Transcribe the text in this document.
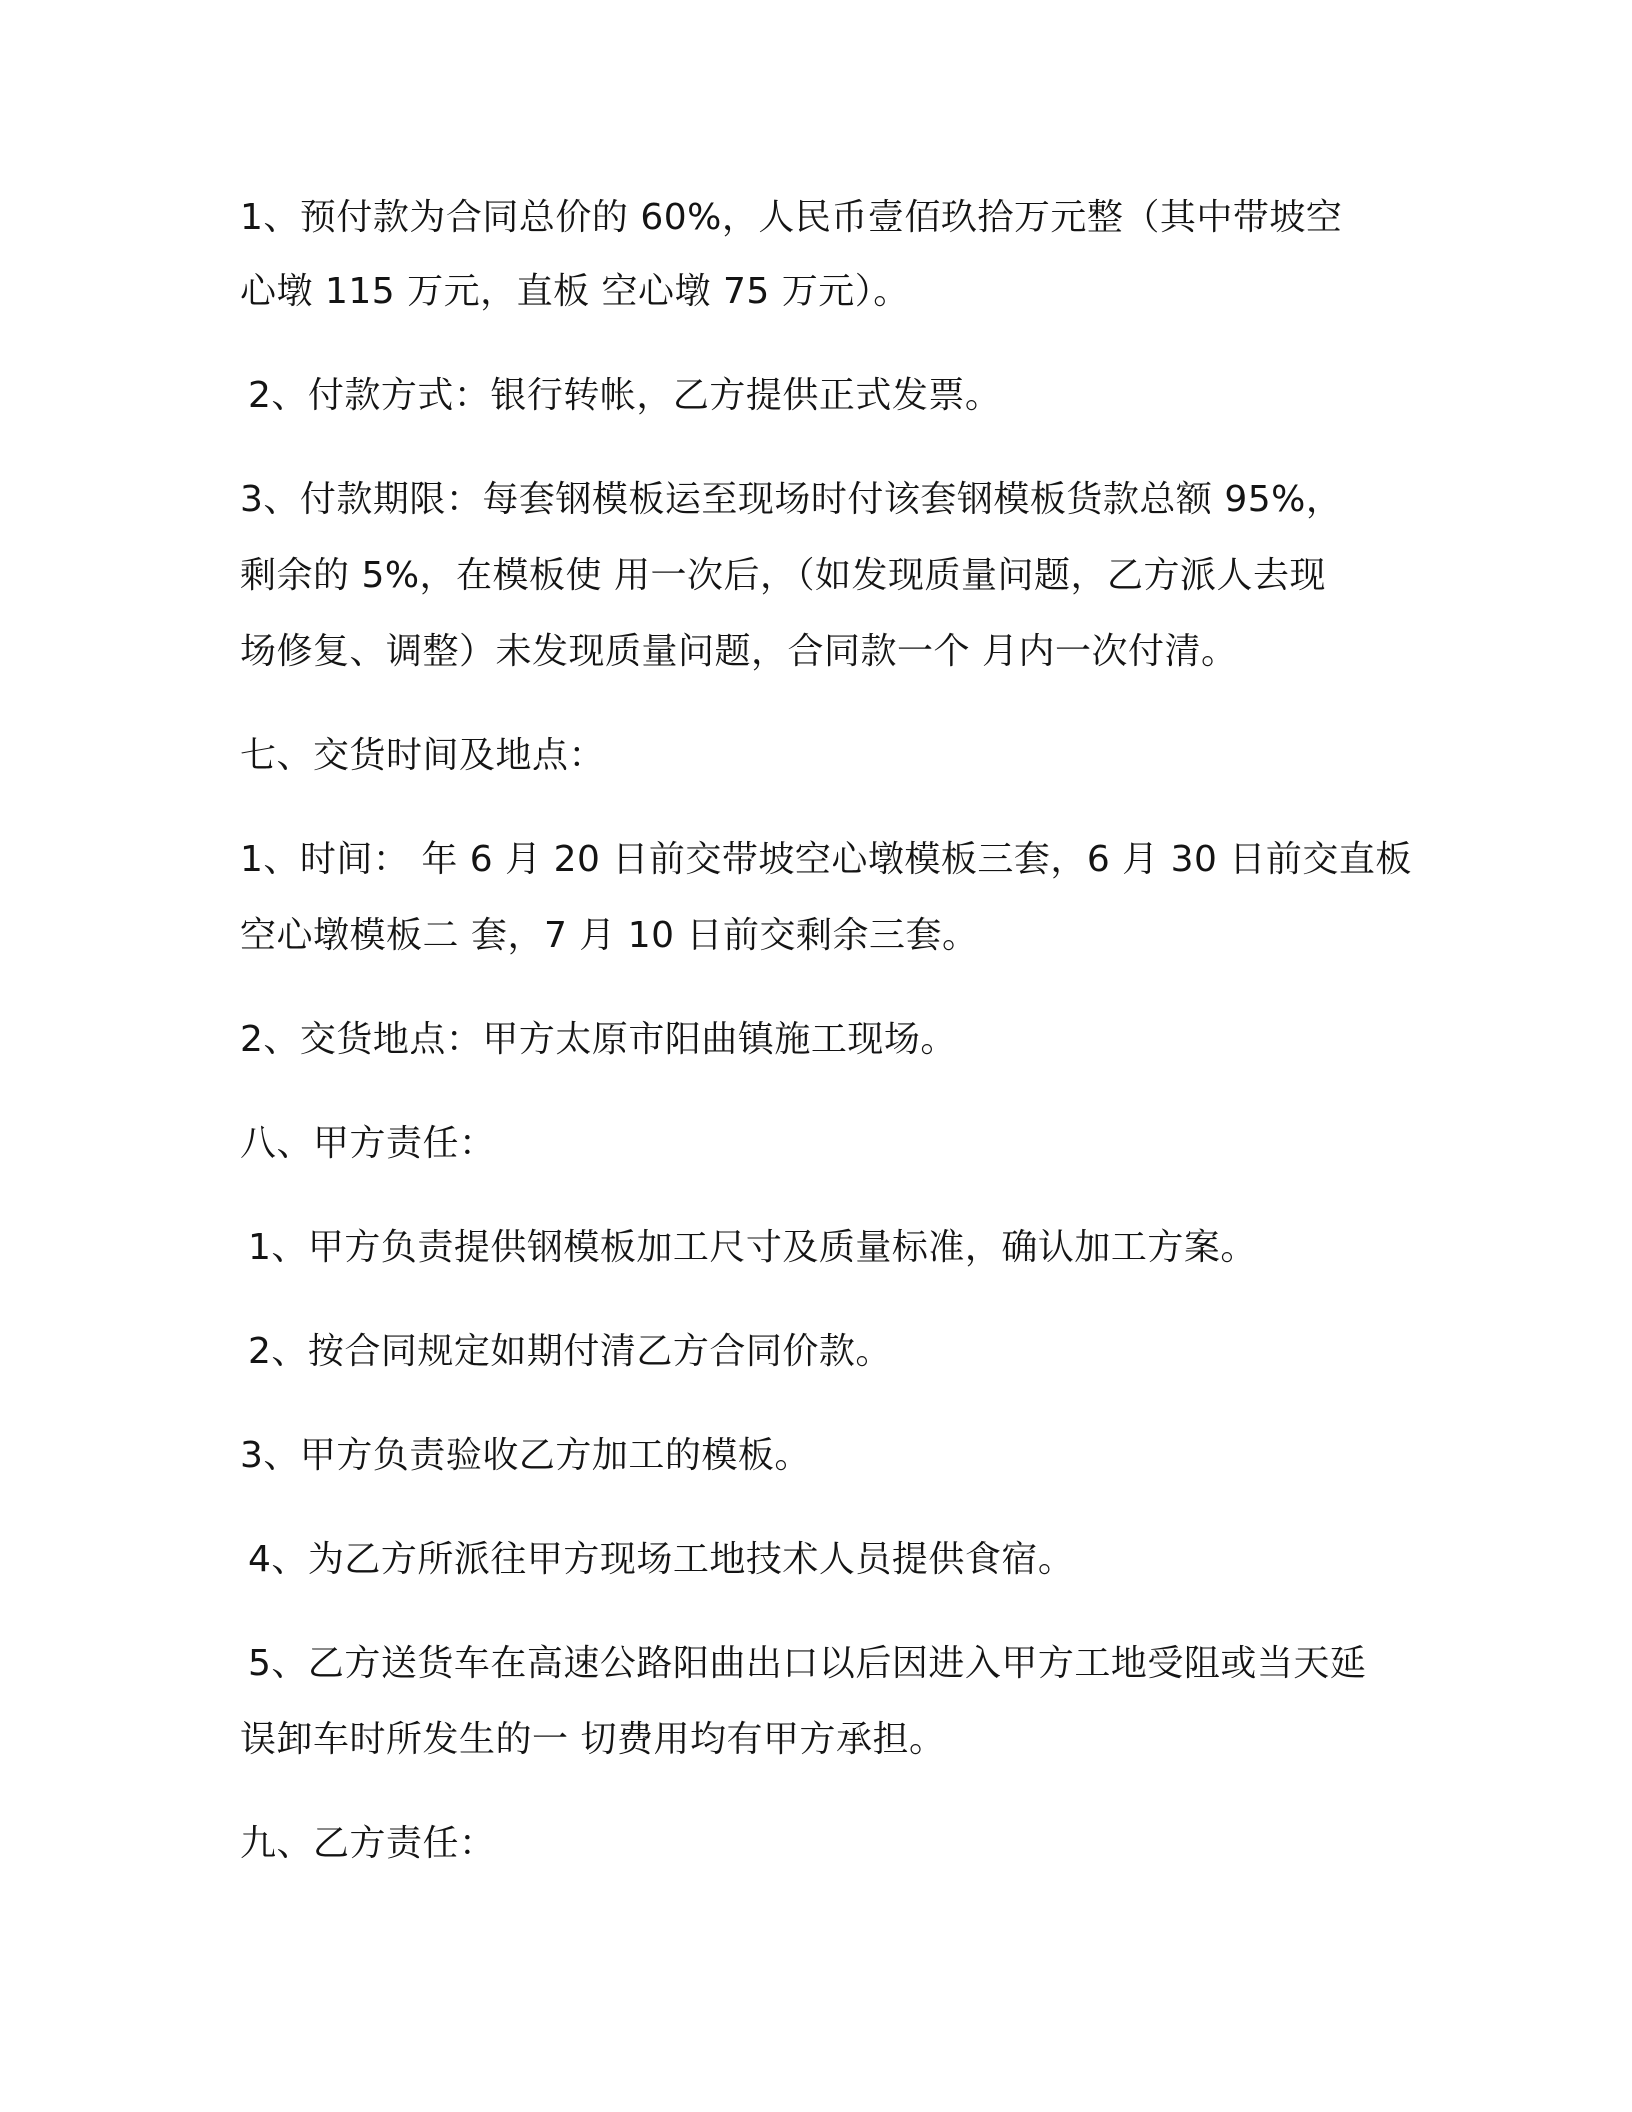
1、预付款为合同总价的 60%，人民币壹佰玖拾万元整（其中带坡空
心墩 115 万元，直板 空心墩 75 万元）。
2、付款方式：银行转帐，乙方提供正式发票。
3、付款期限：每套钢模板运至现场时付该套钢模板货款总额 95%，
剩余的 5%，在模板使 用一次后，（如发现质量问题，乙方派人去现
场修复、调整）未发现质量问题，合同款一个 月内一次付清。
七、交货时间及地点：
1、时间： 年 6 月 20 日前交带坡空心墩模板三套，6 月 30 日前交直板
空心墩模板二 套，7 月 10 日前交剩余三套。
2、交货地点：甲方太原市阳曲镇施工现场。
八、甲方责任：
1、甲方负责提供钢模板加工尺寸及质量标准，确认加工方案。
2、按合同规定如期付清乙方合同价款。
3、甲方负责验收乙方加工的模板。
4、为乙方所派往甲方现场工地技术人员提供食宿。
5、乙方送货车在高速公路阳曲出口以后因进入甲方工地受阻或当天延
误卸车时所发生的一 切费用均有甲方承担。
九、乙方责任：
